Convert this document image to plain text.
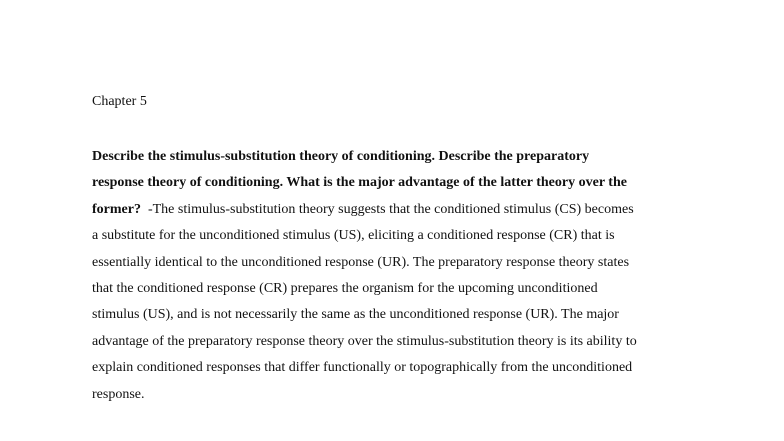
Chapter 5
Describe the stimulus-substitution theory of conditioning. Describe the preparatory
response theory of conditioning. What is the major advantage of the latter theory over the
former?  -The stimulus-substitution theory suggests that the conditioned stimulus (CS) becomes
a substitute for the unconditioned stimulus (US), eliciting a conditioned response (CR) that is
essentially identical to the unconditioned response (UR). The preparatory response theory states
that the conditioned response (CR) prepares the organism for the upcoming unconditioned
stimulus (US), and is not necessarily the same as the unconditioned response (UR). The major
advantage of the preparatory response theory over the stimulus-substitution theory is its ability to
explain conditioned responses that differ functionally or topographically from the unconditioned
response.
